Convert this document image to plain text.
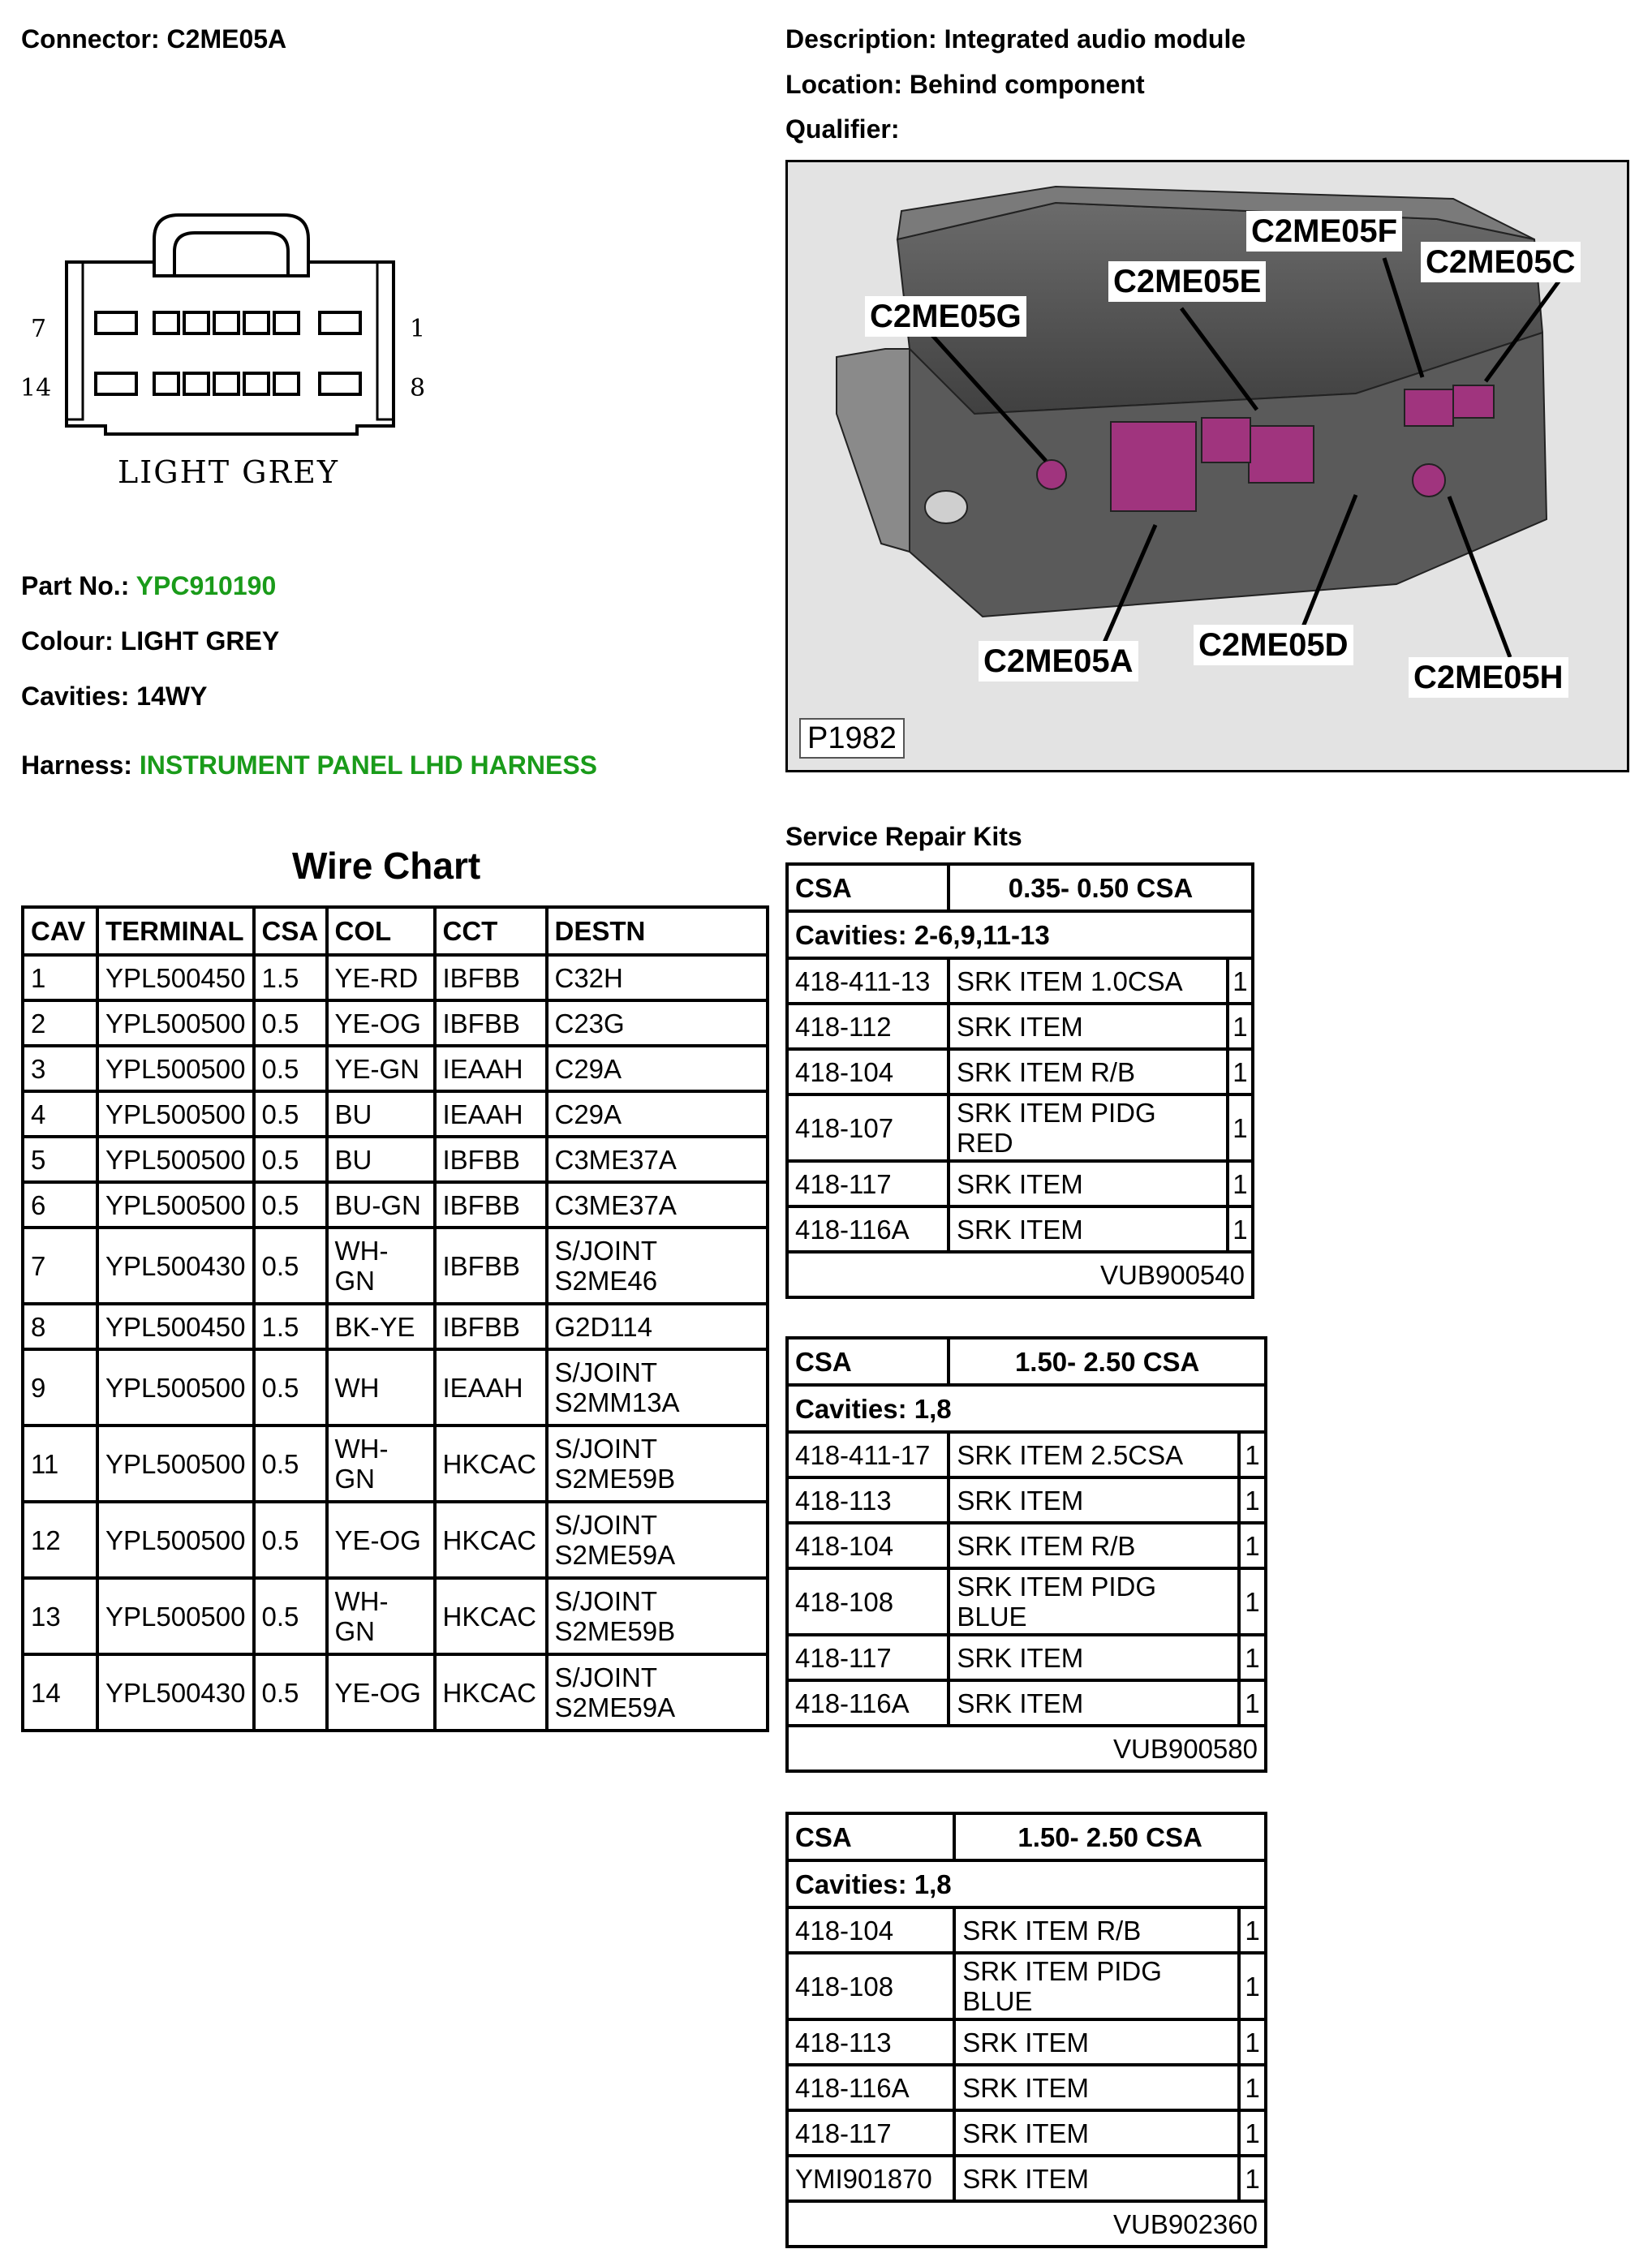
Connector: C2ME05A	Description: Integrated audio module
Location: Behind component
Qualifier:
7	1
14	8
LIGHT GREY
C2ME05F
C2ME05C
C2ME05E
C2ME05G
C2ME05A C2ME05D
C2ME05H
P1982
Part No.: YPC910190
Colour: LIGHT GREY
Cavities: 14WY
Harness: INSTRUMENT PANEL LHD HARNESS
Wire Chart
CAV	TERMINAL	CSA	COL	CCT	DESTN
1	YPL500450	1.5	YE-RD	IBFBB	C32H
2	YPL500500	0.5	YE-OG	IBFBB	C23G
3	YPL500500	0.5	YE-GN	IEAAH	C29A
4	YPL500500	0.5	BU	IEAAH	C29A
5	YPL500500	0.5	BU	IBFBB	C3ME37A
6	YPL500500	0.5	BU-GN	IBFBB	C3ME37A
7	YPL500430	0.5	WH-GN	IBFBB	S/JOINT S2ME46
8	YPL500450	1.5	BK-YE	IBFBB	G2D114
9	YPL500500	0.5	WH	IEAAH	S/JOINT S2MM13A
11	YPL500500	0.5	WH-GN	HKCAC	S/JOINT S2ME59B
12	YPL500500	0.5	YE-OG	HKCAC	S/JOINT S2ME59A
13	YPL500500	0.5	WH-GN	HKCAC	S/JOINT S2ME59B
14	YPL500430	0.5	YE-OG	HKCAC	S/JOINT S2ME59A
Service Repair Kits
CSA	0.35- 0.50 CSA	
Cavities: 2-6,9,11-13		
418-411-13	SRK ITEM 1.0CSA	1
418-112	SRK ITEM	1
418-104	SRK ITEM R/B	1
418-107	SRK ITEM PIDG RED	1
418-117	SRK ITEM	1
418-116A	SRK ITEM	1
VUB900540		
CSA	1.50- 2.50 CSA	
Cavities: 1,8		
418-411-17	SRK ITEM 2.5CSA	1
418-113	SRK ITEM	1
418-104	SRK ITEM R/B	1
418-108	SRK ITEM PIDG BLUE	1
418-117	SRK ITEM	1
418-116A	SRK ITEM	1
VUB900580		
CSA	1.50- 2.50 CSA	
Cavities: 1,8		
418-104	SRK ITEM R/B	1
418-108	SRK ITEM PIDG BLUE	1
418-113	SRK ITEM	1
418-116A	SRK ITEM	1
418-117	SRK ITEM	1
YMI901870	SRK ITEM	1
VUB902360		
